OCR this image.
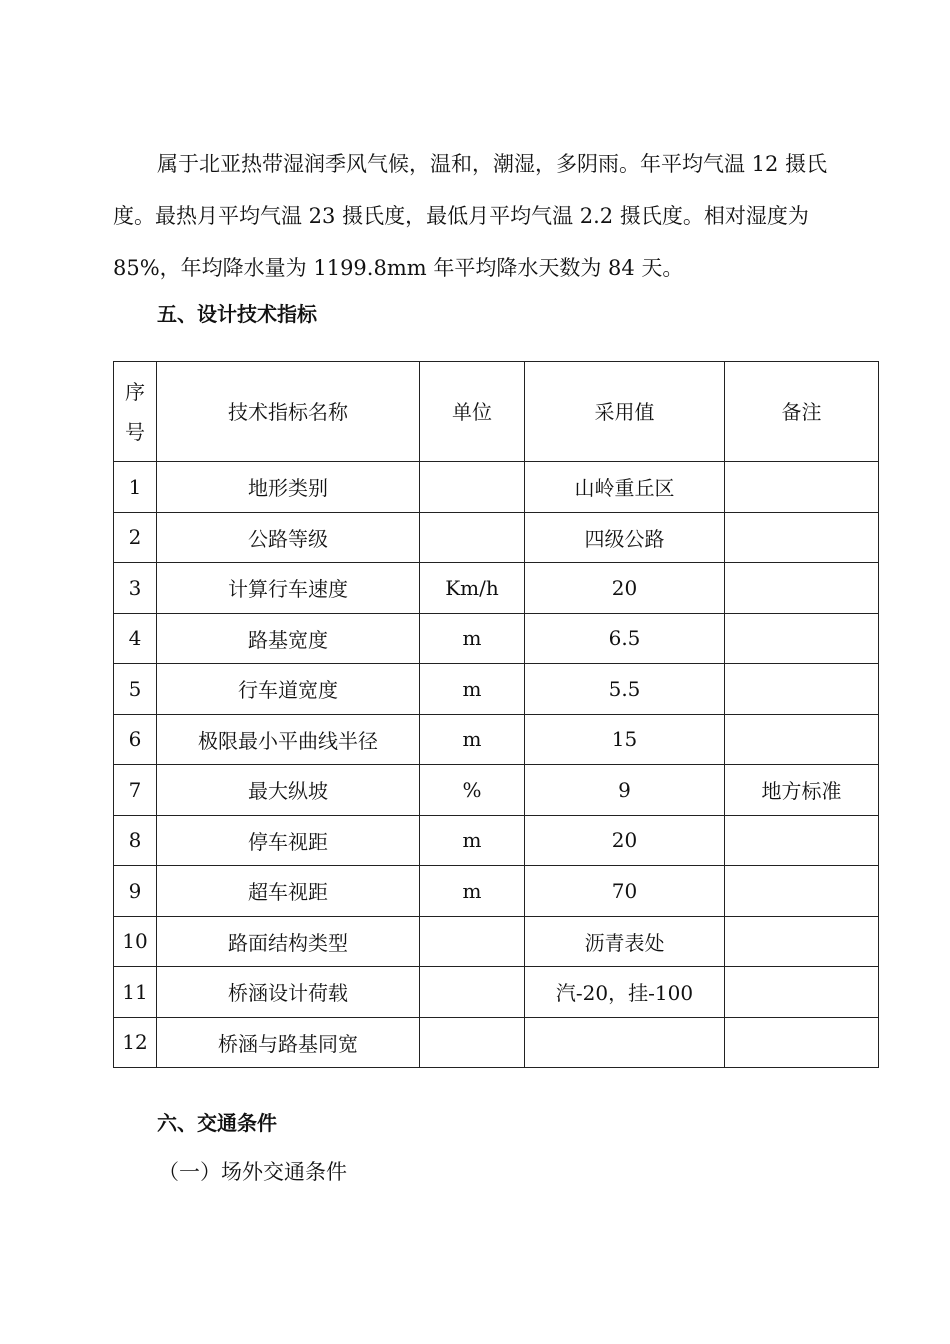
属于北亚热带湿润季风气候，温和，潮湿，多阴雨。年平均气温 12 摄氏
度。最热月平均气温 23 摄氏度，最低月平均气温 2.2 摄氏度。相对湿度为
85%，年均降水量为 1199.8mm 年平均降水天数为 84 天。
五、设计技术指标
序
号	技术指标名称	单位	采用值	备注
1	地形类别		山岭重丘区	
2	公路等级		四级公路	
3	计算行车速度	Km/h	20	
4	路基宽度	m	6.5	
5	行车道宽度	m	5.5	
6	极限最小平曲线半径	m	15	
7	最大纵坡	%	9	地方标准
8	停车视距	m	20	
9	超车视距	m	70	
10	路面结构类型		沥青表处	
11	桥涵设计荷载		汽-20，挂-100	
12	桥涵与路基同宽			
六、交通条件
（一）场外交通条件
